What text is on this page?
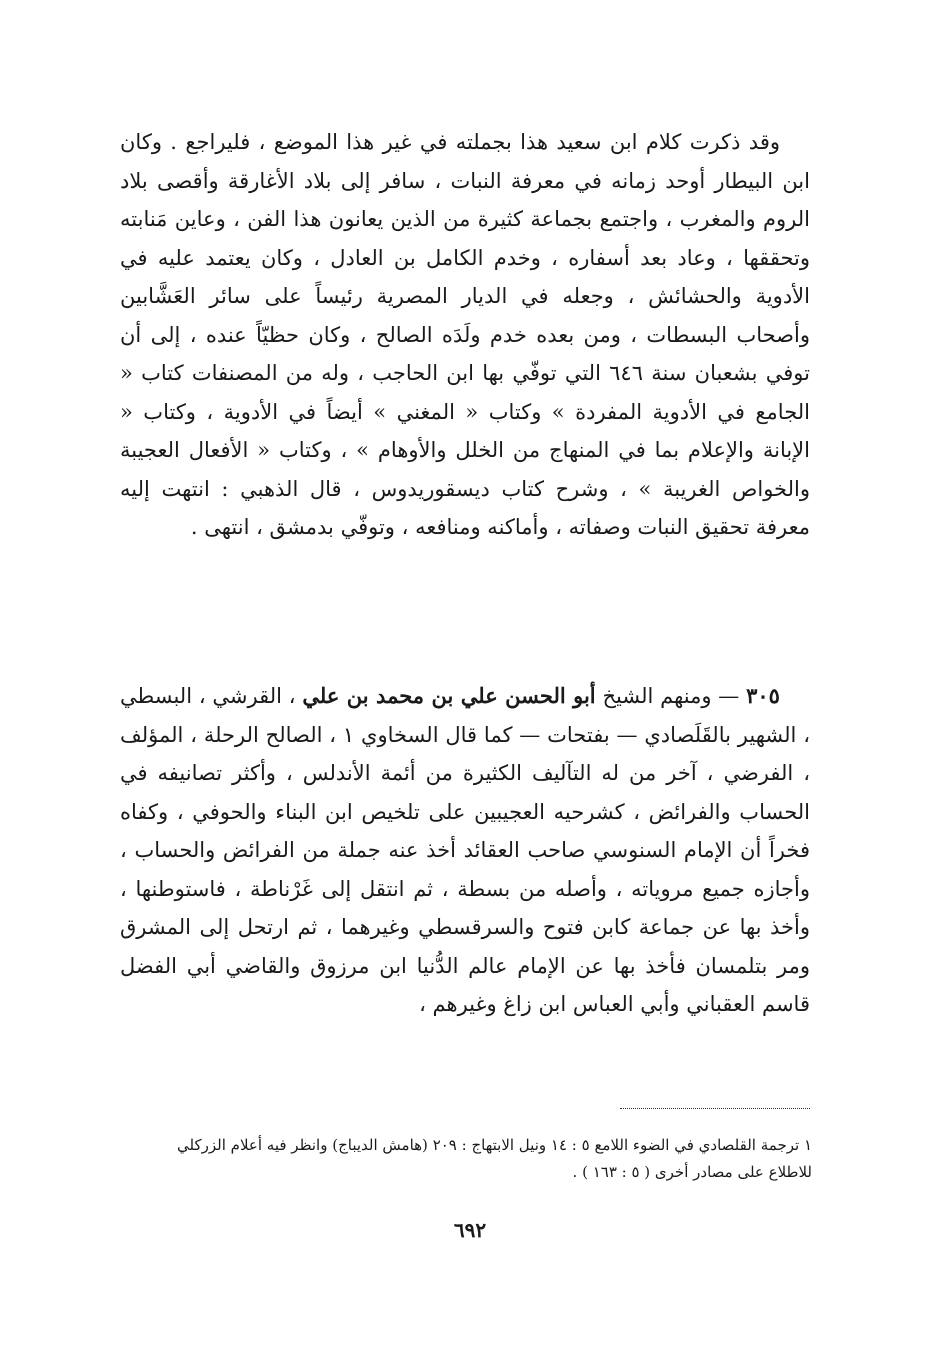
وقد ذكرت كلام ابن سعيد هذا بجملته في غير هذا الموضع ، فليراجع . وكان ابن البيطار أوحد زمانه في معرفة النبات ، سافر إلى بلاد الأغارقة وأقصى بلاد الروم والمغرب ، واجتمع بجماعة كثيرة من الذين يعانون هذا الفن ، وعاين مَنابته وتحققها ، وعاد بعد أسفاره ، وخدم الكامل بن العادل ، وكان يعتمد عليه في الأدوية والحشائش ، وجعله في الديار المصرية رئيساً على سائر العَشَّابين وأصحاب البسطات ، ومن بعده خدم ولَدَه الصالح ، وكان حظيّاً عنده ، إلى أن توفي بشعبان سنة ٦٤٦ التي توفّي بها ابن الحاجب ، وله من المصنفات كتاب « الجامع في الأدوية المفردة » وكتاب « المغني » أيضاً في الأدوية ، وكتاب « الإبانة والإعلام بما في المنهاج من الخلل والأوهام » ، وكتاب « الأفعال العجيبة والخواص الغريبة » ، وشرح كتاب ديسقوريدوس ، قال الذهبي : انتهت إليه معرفة تحقيق النبات وصفاته ، وأماكنه ومنافعه ، وتوفّي بدمشق ، انتهى .

٣٠٥ — ومنهم الشيخ أبو الحسن علي بن محمد بن علي ، القرشي ، البسطي ، الشهير بالقَلَصادي — بفتحات — كما قال السخاوي ١ ، الصالح الرحلة ، المؤلف ، الفرضي ، آخر من له التآليف الكثيرة من أئمة الأندلس ، وأكثر تصانيفه في الحساب والفرائض ، كشرحيه العجيبين على تلخيص ابن البناء والحوفي ، وكفاه فخراً أن الإمام السنوسي صاحب العقائد أخذ عنه جملة من الفرائض والحساب ، وأجازه جميع مروياته ، وأصله من بسطة ، ثم انتقل إلى غَرْناطة ، فاستوطنها ، وأخذ بها عن جماعة كابن فتوح والسرقسطي وغيرهما ، ثم ارتحل إلى المشرق ومر بتلمسان فأخذ بها عن الإمام عالم الدُّنيا ابن مرزوق والقاضي أبي الفضل قاسم العقباني وأبي العباس ابن زاغ وغيرهم ،

١ ترجمة القلصادي في الضوء اللامع ٥ : ١٤ ونيل الابتهاج : ٢٠٩ (هامش الديباج) وانظر فيه أعلام الزركلي للاطلاع على مصادر أخرى ( ٥ : ١٦٣ ) .

٦٩٢
